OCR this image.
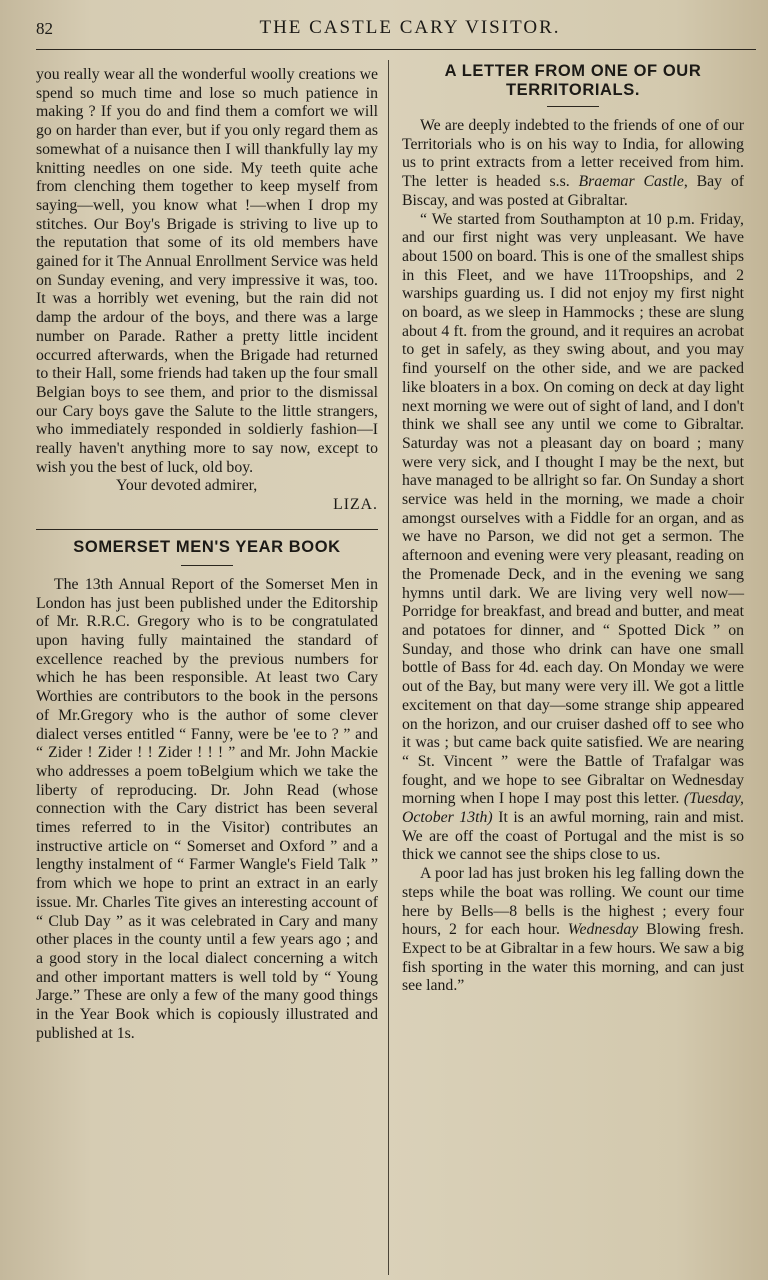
82	THE CASTLE CARY VISITOR.

you really wear all the wonderful woolly creations we spend so much time and lose so much patience in making ? If you do and find them a comfort we will go on harder than ever, but if you only regard them as somewhat of a nuisance then I will thankfully lay my knitting needles on one side. My teeth quite ache from clenching them together to keep myself from saying—well, you know what !—when I drop my stitches. Our Boy's Brigade is striving to live up to the reputation that some of its old members have gained for it The Annual Enrollment Service was held on Sunday evening, and very impressive it was, too. It was a horribly wet evening, but the rain did not damp the ardour of the boys, and there was a large number on Parade. Rather a pretty little incident occurred afterwards, when the Brigade had returned to their Hall, some friends had taken up the four small Belgian boys to see them, and prior to the dismissal our Cary boys gave the Salute to the little strangers, who immediately responded in soldierly fashion—I really haven't anything more to say now, except to wish you the best of luck, old boy.

Your devoted admirer,

LIZA.

SOMERSET MEN'S YEAR BOOK

The 13th Annual Report of the Somerset Men in London has just been published under the Editorship of Mr. R.R.C. Gregory who is to be congratulated upon having fully maintained the standard of excellence reached by the previous numbers for which he has been responsible. At least two Cary Worthies are contributors to the book in the persons of Mr.Gregory who is the author of some clever dialect verses entitled “ Fanny, were be 'ee to ? ” and “ Zider ! Zider ! ! Zider ! ! ! ” and Mr. John Mackie who addresses a poem toBelgium which we take the liberty of reproducing. Dr. John Read (whose connection with the Cary district has been several times referred to in the Visitor) contributes an instructive article on “ Somerset and Oxford ” and a lengthy instalment of “ Farmer Wangle's Field Talk ” from which we hope to print an extract in an early issue. Mr. Charles Tite gives an interesting account of “ Club Day ” as it was celebrated in Cary and many other places in the county until a few years ago ; and a good story in the local dialect concerning a witch and other important matters is well told by “ Young Jarge.” These are only a few of the many good things in the Year Book which is copiously illustrated and published at 1s.

A LETTER FROM ONE OF OUR
TERRITORIALS.

We are deeply indebted to the friends of one of our Territorials who is on his way to India, for allowing us to print extracts from a letter received from him. The letter is headed s.s. Braemar Castle, Bay of Biscay, and was posted at Gibraltar.

“ We started from Southampton at 10 p.m. Friday, and our first night was very unpleasant. We have about 1500 on board. This is one of the smallest ships in this Fleet, and we have 11Troopships, and 2 warships guarding us. I did not enjoy my first night on board, as we sleep in Hammocks ; these are slung about 4 ft. from the ground, and it requires an acrobat to get in safely, as they swing about, and you may find yourself on the other side, and we are packed like bloaters in a box. On coming on deck at day light next morning we were out of sight of land, and I don't think we shall see any until we come to Gibraltar. Saturday was not a pleasant day on board ; many were very sick, and I thought I may be the next, but have managed to be allright so far. On Sunday a short service was held in the morning, we made a choir amongst ourselves with a Fiddle for an organ, and as we have no Parson, we did not get a sermon. The afternoon and evening were very pleasant, reading on the Promenade Deck, and in the evening we sang hymns until dark. We are living very well now—Porridge for breakfast, and bread and butter, and meat and potatoes for dinner, and “ Spotted Dick ” on Sunday, and those who drink can have one small bottle of Bass for 4d. each day. On Monday we were out of the Bay, but many were very ill. We got a little excitement on that day—some strange ship appeared on the horizon, and our cruiser dashed off to see who it was ; but came back quite satisfied. We are nearing “ St. Vincent ” were the Battle of Trafalgar was fought, and we hope to see Gibraltar on Wednesday morning when I hope I may post this letter. (Tuesday, October 13th) It is an awful morning, rain and mist. We are off the coast of Portugal and the mist is so thick we cannot see the ships close to us.

A poor lad has just broken his leg falling down the steps while the boat was rolling. We count our time here by Bells—8 bells is the highest ; every four hours, 2 for each hour. Wednesday Blowing fresh. Expect to be at Gibraltar in a few hours. We saw a big fish sporting in the water this morning, and can just see land.”
